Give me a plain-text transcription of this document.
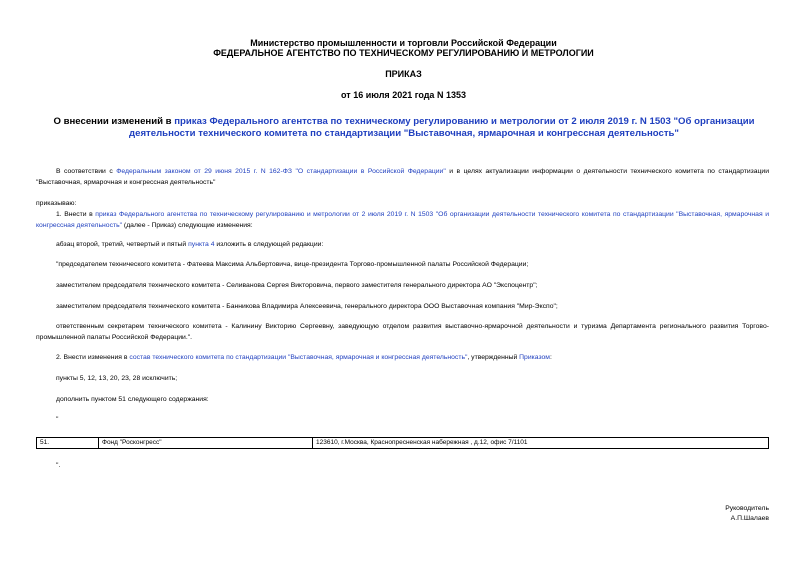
Министерство промышленности и торговли Российской Федерации
ФЕДЕРАЛЬНОЕ АГЕНТСТВО ПО ТЕХНИЧЕСКОМУ РЕГУЛИРОВАНИЮ И МЕТРОЛОГИИ
ПРИКАЗ
от 16 июля 2021 года N 1353
О внесении изменений в приказ Федерального агентства по техническому регулированию и метрологии от 2 июля 2019 г. N 1503 "Об организации деятельности технического комитета по стандартизации "Выставочная, ярмарочная и конгрессная деятельность"
В соответствии с Федеральным законом от 29 июня 2015 г. N 162-ФЗ "О стандартизации в Российской Федерации" и в целях актуализации информации о деятельности технического комитета по стандартизации "Выставочная, ярмарочная и конгрессная деятельность"
приказываю:
1. Внести в приказ Федерального агентства по техническому регулированию и метрологии от 2 июля 2019 г. N 1503 "Об организации деятельности технического комитета по стандартизации "Выставочная, ярмарочная и конгрессная деятельность" (далее - Приказ) следующие изменения:
абзац второй, третий, четвертый и пятый пункта 4 изложить в следующей редакции:
"председателем технического комитета - Фатеева Максима Альбертовича, вице-президента Торгово-промышленной палаты Российской Федерации;
заместителем председателя технического комитета - Селиванова Сергея Викторовича, первого заместителя генерального директора АО "Экспоцентр";
заместителем председателя технического комитета - Банникова Владимира Алексеевича, генерального директора ООО Выставочная компания "Мир-Экспо";
ответственным секретарем технического комитета - Калинину Викторию Сергеевну, заведующую отделом развития выставочно-ярмарочной деятельности и туризма Департамента регионального развития Торгово-промышленной палаты Российской Федерации.".
2. Внести изменения в состав технического комитета по стандартизации "Выставочная, ярмарочная и конгрессная деятельность", утвержденный Приказом:
пункты 5, 12, 13, 20, 23, 28 исключить;
дополнить пунктом 51 следующего содержания:
"
51.	Фонд "Росконгресс"	123610, г.Москва, Краснопресненская набережная , д.12, офис 7/1101
".
Руководитель
А.П.Шалаев
